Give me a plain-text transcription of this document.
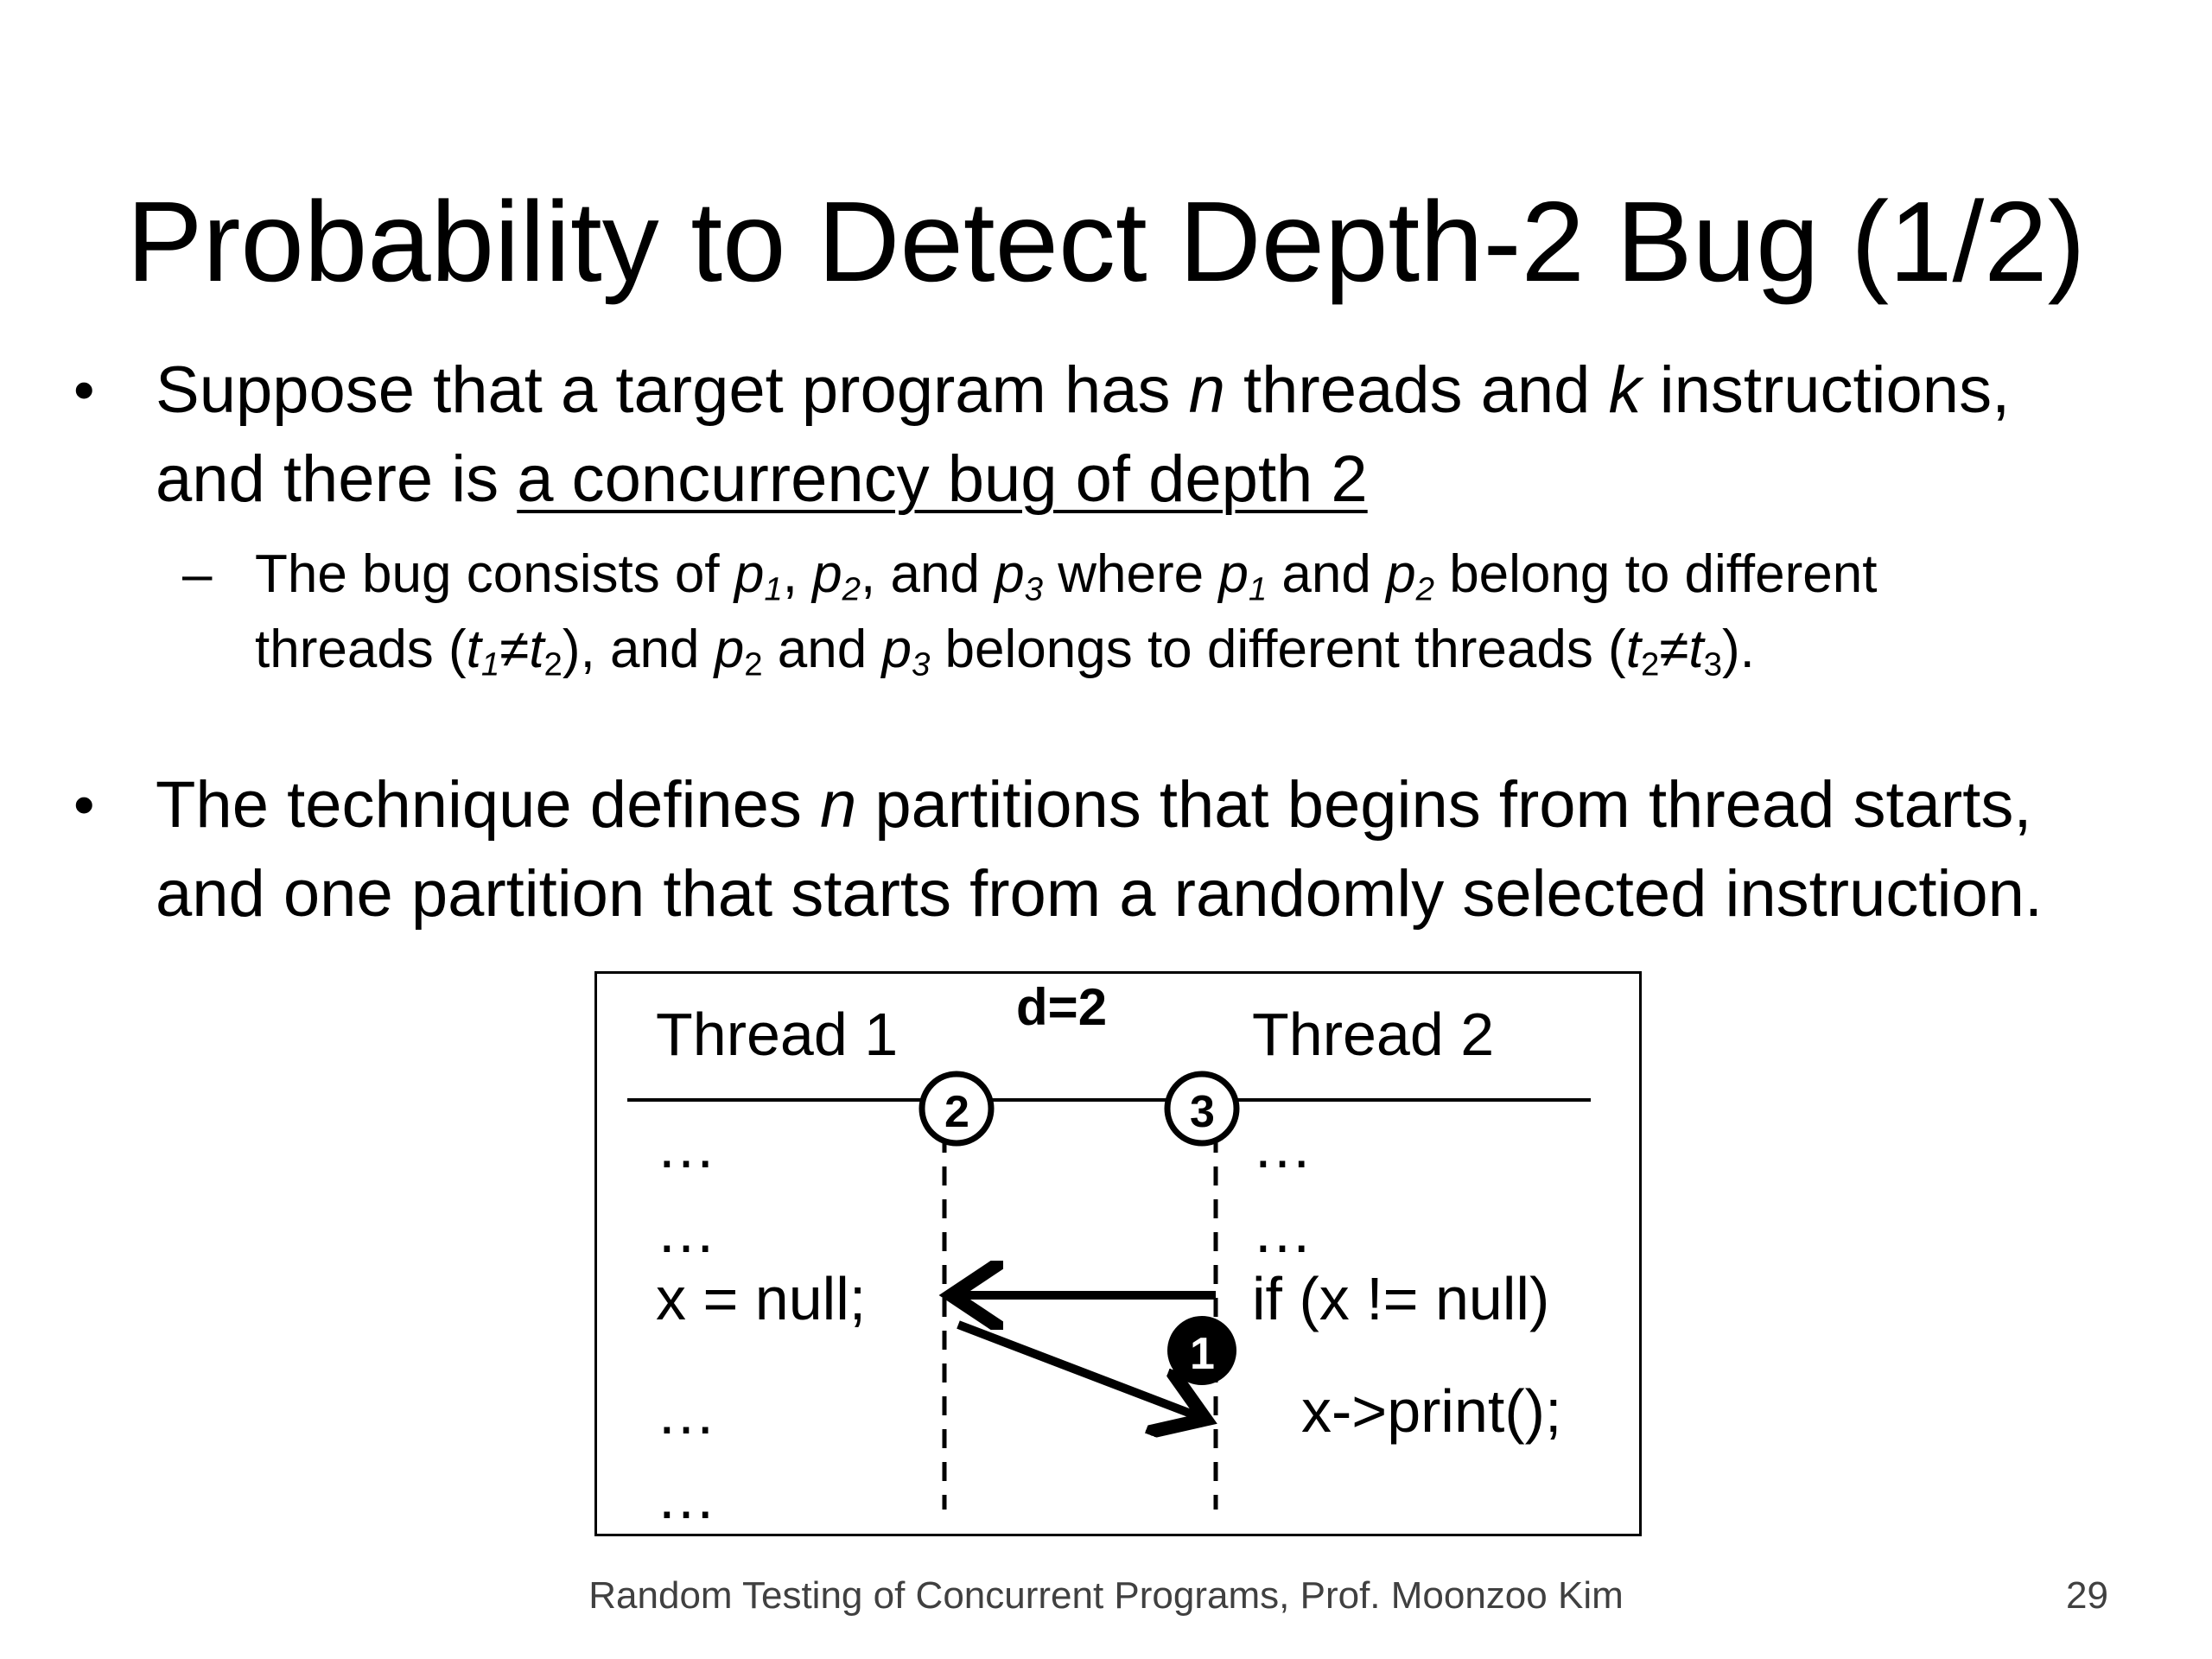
Probability to Detect Depth-2 Bug (1/2)
• Suppose that a target program has n threads and k instructions,
and there is a concurrency bug of depth 2
– The bug consists of $p_1$, $p_2$, and $p_3$ where $p_1$ and $p_2$ belong to different
threads $(t_1\ne t_2)$, and $p_2$ and $p_3$ belongs to different threads $(t_2\ne t_3)$.
• The technique defines n partitions that begins from thread starts,
and one partition that starts from a randomly selected instruction.
2	3
1
d=2
Thread 1	Thread 2
…
…
x = null;
…
…
…
…
if (x != null)
x->print();
Random Testing of Concurrent Programs, Prof. Moonzoo Kim	29
